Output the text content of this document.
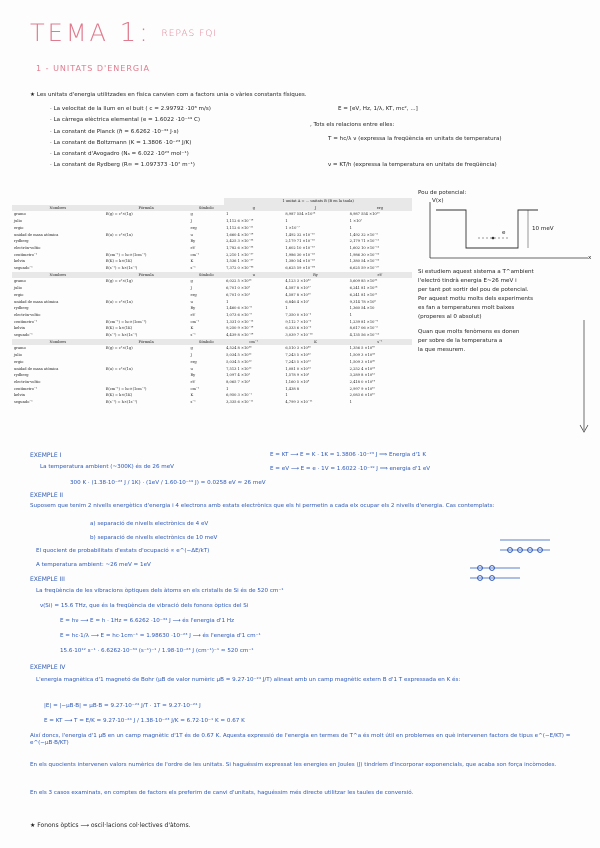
TEMA 1: REPAS FQI
1 - UNITATS D'ENERGIA
★ Les unitats d'energia utilitzades en física canvien com a factors unia o vàries constants físiques.
· La velocitat de la llum en el buit ( c = 2.99792 ·10⁸ m/s)
· La càrrega elèctrica elemental (e = 1.6022 ·10⁻¹⁹ C)
· La constant de Planck (ℏ = 6.6262 ·10⁻³⁴ J·s)
· La constant de Boltzmann (K = 1.3806 ·10⁻²³ J/K)
· La constant d'Avogadro (Nₐ = 6.022 ·10²³ mol⁻¹)
· La constant de Rydberg (R∞ = 1.097373 ·10⁷ m⁻¹)
E = [eV, Hz, 1/λ, KT, mc², ...]
, Tots els relacions entre elles:
T = hc/λ ν (expressa la freqüència en unitats de temperatura)
ν = KT/h (expressa la temperatura en unitats de freqüència)
			1 unitat A = … unitats B (B en la taula)		
Nombres	Fórmula	Símbolo	g	J	erg
gramo	E(g) = c²×(1g)	g	1	8,987 554 ×10¹³	8,987 554 ×10²⁰
julio		J	1,112 6 ×10⁻¹⁴	1	1 ×10⁷
ergio		erg	1,112 6 ×10⁻²¹	1 ×10⁻⁷	1
unidad de masa atómica	E(u) = c²×(1u)	u	1,660 4 ×10⁻²⁴	1,492 32 ×10⁻¹⁰	1,492 32 ×10⁻³
rydberg		Ry	2,425 3 ×10⁻³³	2,179 71 ×10⁻¹⁸	2,179 71 ×10⁻¹¹
electrón-voltio		eV	1,782 6 ×10⁻³³	1,602 10 ×10⁻¹⁹	1,602 10 ×10⁻¹²
centímetro⁻¹	E(cm⁻¹) = hc×(1cm⁻¹)	cm⁻¹	2,210 1 ×10⁻³⁷	1,986 30 ×10⁻²³	1,986 30 ×10⁻¹⁶
kelvin	E(K) = k×(1K)	K	1,536 1 ×10⁻³⁷	1,380 54 ×10⁻²³	1,380 54 ×10⁻¹⁶
segundo⁻¹	E(s⁻¹) = h×(1s⁻¹)	s⁻¹	7,372 0 ×10⁻⁴⁸	6,625 59 ×10⁻³⁴	6,625 59 ×10⁻²⁷
Nombres	Fórmula	Símbolo	u	Ry	eV
gramo	E(g) = c²×(1g)	g	6,022 5 ×10²³	4,123 3 ×10³²	5,609 85 ×10³²
julio		J	6,701 0 ×10⁹	4,587 8 ×10¹⁷	6,241 81 ×10¹⁸
ergio		erg	6,701 0 ×10²	4,587 8 ×10¹⁰	6,241 81 ×10¹¹
unidad de masa atómica	E(u) = c²×(1u)	u	1	6,846 4 ×10⁷	9,314 78 ×10⁸
rydberg		Ry	1,460 6 ×10⁻⁸	1	1,360 54 ×10
electrón-voltio		eV	1,073 6 ×10⁻⁹	7,350 0 ×10⁻²	1
centímetro⁻¹	E(cm⁻¹) = hc×(1cm⁻¹)	cm⁻¹	1,331 0 ×10⁻¹³	9,112 7 ×10⁻⁶	1,239 81 ×10⁻⁴
kelvin	E(K) = k×(1K)	K	9,250 9 ×10⁻¹⁴	6,333 6 ×10⁻⁶	8,617 06 ×10⁻⁵
segundo⁻¹	E(s⁻¹) = h×(1s⁻¹)	s⁻¹	4,439 8 ×10⁻²⁴	3,039 7 ×10⁻¹⁶	4,135 56 ×10⁻¹⁵
Nombres	Fórmula	Símbolo	cm⁻¹	K	s⁻¹
gramo	E(g) = c²×(1g)	g	4,524 8 ×10³⁶	6,510 3 ×10³⁶	1,356 5 ×10⁴⁷
julio		J	5,034 5 ×10²²	7,243 5 ×10²²	1,509 3 ×10³³
ergio		erg	5,034 5 ×10¹⁵	7,243 5 ×10¹⁵	1,509 3 ×10²⁶
unidad de masa atómica	E(u) = c²×(1u)	u	7,513 1 ×10¹²	1,081 0 ×10¹³	2,252 4 ×10²³
rydberg		Ry	1,097 4 ×10⁵	1,578 9 ×10⁵	3,289 8 ×10¹⁵
electrón-voltio		eV	8,065 7 ×10³	1,160 5 ×10⁴	2,418 0 ×10¹⁴
centímetro⁻¹	E(cm⁻¹) = hc×(1cm⁻¹)	cm⁻¹	1	1,438 8	2,997 9 ×10¹⁰
kelvin	E(K) = k×(1K)	K	6,950 3 ×10⁻¹	1	2,083 6 ×10¹⁰
segundo⁻¹	E(s⁻¹) = h×(1s⁻¹)	s⁻¹	3,335 6 ×10⁻¹¹	4,799 3 ×10⁻¹¹	1
Pou de potencial:
V(x)
x
10 meV
e
Si estudiem aquest sistema a T^ambient
l'electró tindrà energia E~26 meV i
per tant pot sortir del pou de potencial.
Per aquest motiu molts dels experiments
es fan a temperatures molt baixes
(properes al 0 absolut)
Quan que molts fenòmens es donen
per sobre de la temperatura a
la que mesurem.
EXEMPLE I
La temperatura ambient (~300K) és de 26 meV
E = KT ⟶ E = K · 1K = 1.3806 ·10⁻²³ J ⟹ Energia d'1 K
E = eV ⟶ E = e · 1V = 1.6022 ·10⁻¹⁹ J ⟹ energia d'1 eV
300 K · (1.38·10⁻²³ J / 1K) · (1eV / 1.60·10⁻¹⁹ J) = 0.0258 eV ≈ 26 meV
EXEMPLE II
Suposem que tenim 2 nivells energètics d'energia i 4 electrons amb estats electrònics que els hi permetin a cada elx ocupar els 2 nivells d'energia. Cas contemplats:
a) separació de nivells electrònics de 4 eV
b) separació de nivells electrònics de 10 meV
El quocient de probabilitats d'estats d'ocupació ∝ e^(−ΔE/kT)
A temperatura ambient: ~26 meV = 1eV
EXEMPLE III
La freqüència de les vibracions òptiques dels àtoms en els cristalls de Si és de 520 cm⁻¹
ν(Si) = 15.6 THz, que és la freqüència de vibració dels fonons òptics del Si
E = hν ⟶ E = h · 1Hz = 6.6262 ·10⁻³⁴ J ⟶ és l'energia d'1 Hz
E = hc·1/λ ⟶ E = hc·1cm⁻¹ = 1.98630 ·10⁻²³ J ⟶ és l'energia d'1 cm⁻¹
15.6·10¹² s⁻¹ · 6.6262·10⁻³⁴ (s⁻¹)⁻¹ / 1.98·10⁻²³ J (cm⁻¹)⁻¹ ≈ 520 cm⁻¹
EXEMPLE IV
L'energia magnètica d'1 magnetó de Bohr (μB de valor numèric μB = 9.27·10⁻²⁴ J/T) alineat amb un camp magnètic extern B d'1 T expressada en K és:
|E| = |−μB·B| = μB·B = 9.27·10⁻²⁴ J/T · 1T = 9.27·10⁻²⁴ J
E = KT ⟶ T = E/K = 9.27·10⁻²⁴ J / 1.38·10⁻²³ J/K = 6.72·10⁻¹ K = 0.67 K
Així doncs, l'energia d'1 μB en un camp magnètic d'1T és de 0.67 K. Aquesta expressió de l'energia en termes de T^a és molt útil en problemes en què intervenen factors de tipus e^(−E/KT) = e^(−μB·B/KT)
En els quocients intervenen valors numèrics de l'ordre de les unitats. Si haguéssim expressat les energies en Joules (J) tindríem d'incorporar exponencials, que acaba son força incòmodes.
En els 3 casos examinats, en comptes de factors els preferim de canvi d'unitats, haguéssim més directe utilitzar les taules de conversió.
★ Fonons òptics ⟶ oscil·lacions col·lectives d'àtoms.
